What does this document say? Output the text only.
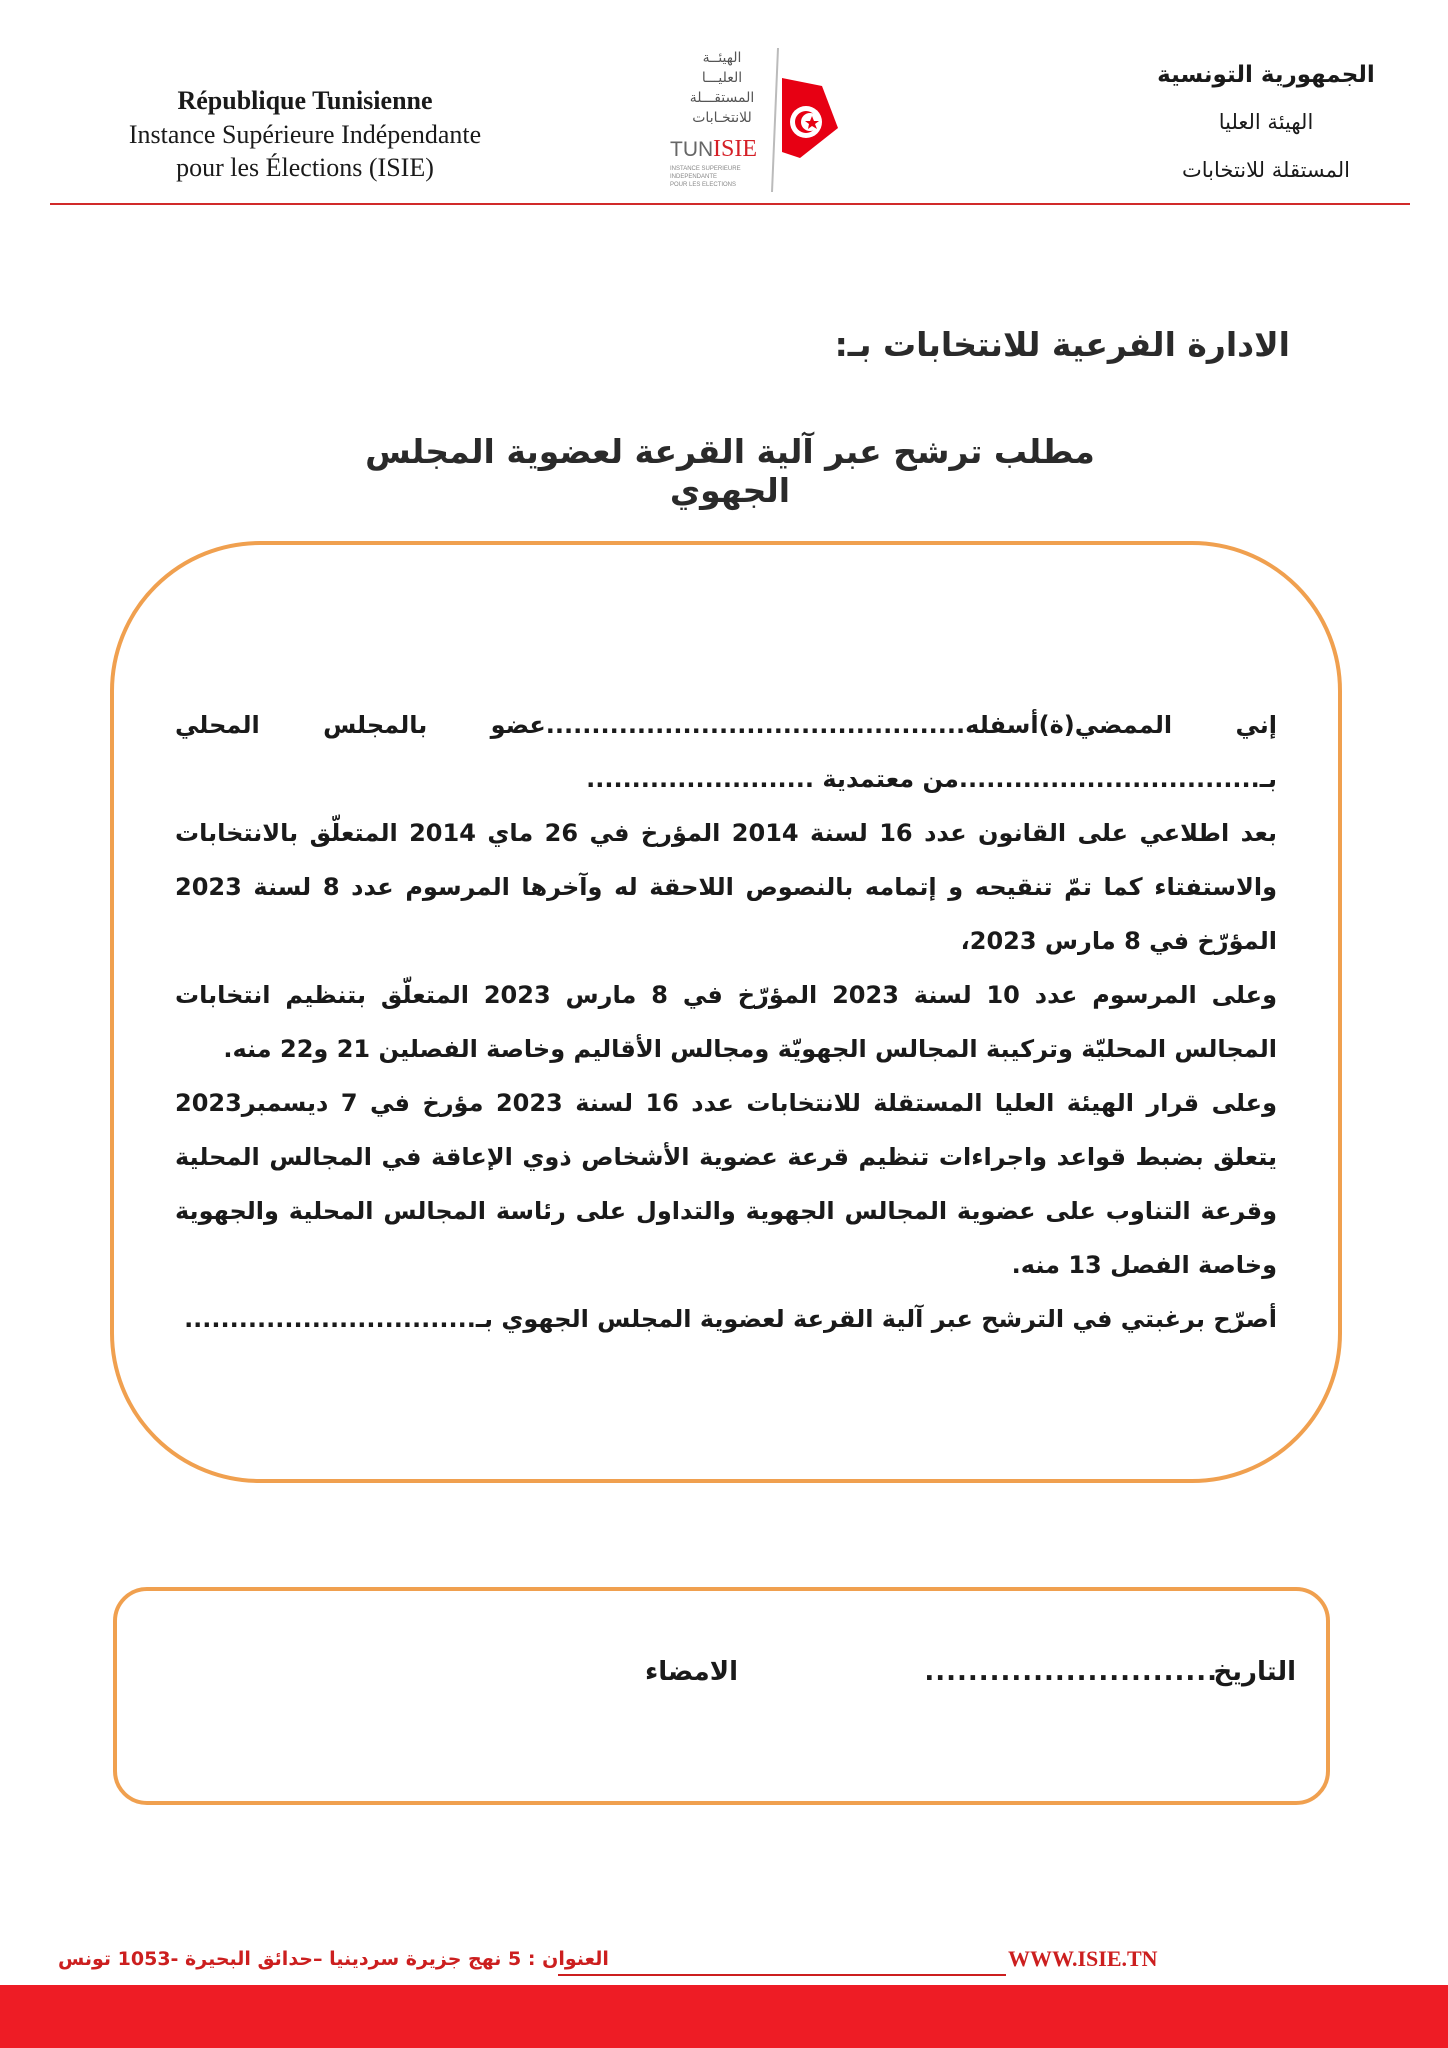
République Tunisienne
Instance Supérieure Indépendante
pour les Élections (ISIE)
الهيئــة
العليـــا
المستقـــلة
للانتخـابات
TUN ISIE
INSTANCE SUPERIEURE
INDEPENDANTE
POUR LES ELECTIONS
الجمهورية التونسية
الهيئة العليا
المستقلة للانتخابات
الادارة الفرعية للانتخابات بـ:
مطلب ترشح عبر آلية القرعة لعضوية المجلس الجهوي
إني
الممضي(ة)أسفله..............................................عضو
بالمجلس
المحلي
بـ.................................من معتمدية .........................
بعد اطلاعي على القانون عدد 16 لسنة 2014 المؤرخ في 26 ماي 2014 المتعلّق بالانتخابات والاستفتاء كما تمّ تنقيحه و إتمامه بالنصوص اللاحقة له وآخرها المرسوم عدد 8 لسنة 2023 المؤرّخ في 8 مارس 2023،
وعلى المرسوم عدد 10 لسنة 2023 المؤرّخ في 8 مارس 2023 المتعلّق بتنظيم انتخابات المجالس المحليّة وتركيبة المجالس الجهويّة ومجالس الأقاليم وخاصة الفصلين 21 و22 منه.
وعلى قرار الهيئة العليا المستقلة للانتخابات عدد 16 لسنة 2023 مؤرخ في 7 ديسمبر2023 يتعلق بضبط قواعد واجراءات تنظيم قرعة عضوية الأشخاص ذوي الإعاقة في المجالس المحلية وقرعة التناوب على عضوية المجالس الجهوية والتداول على رئاسة المجالس المحلية والجهوية وخاصة الفصل 13 منه.
أصرّح برغبتي في الترشح عبر آلية القرعة لعضوية المجلس الجهوي بـ................................
التاريخ
...........................
الامضاء
العنوان : 5 نهج جزيرة سردينيا –حدائق البحيرة -1053 تونس	WWW.ISIE.TN
